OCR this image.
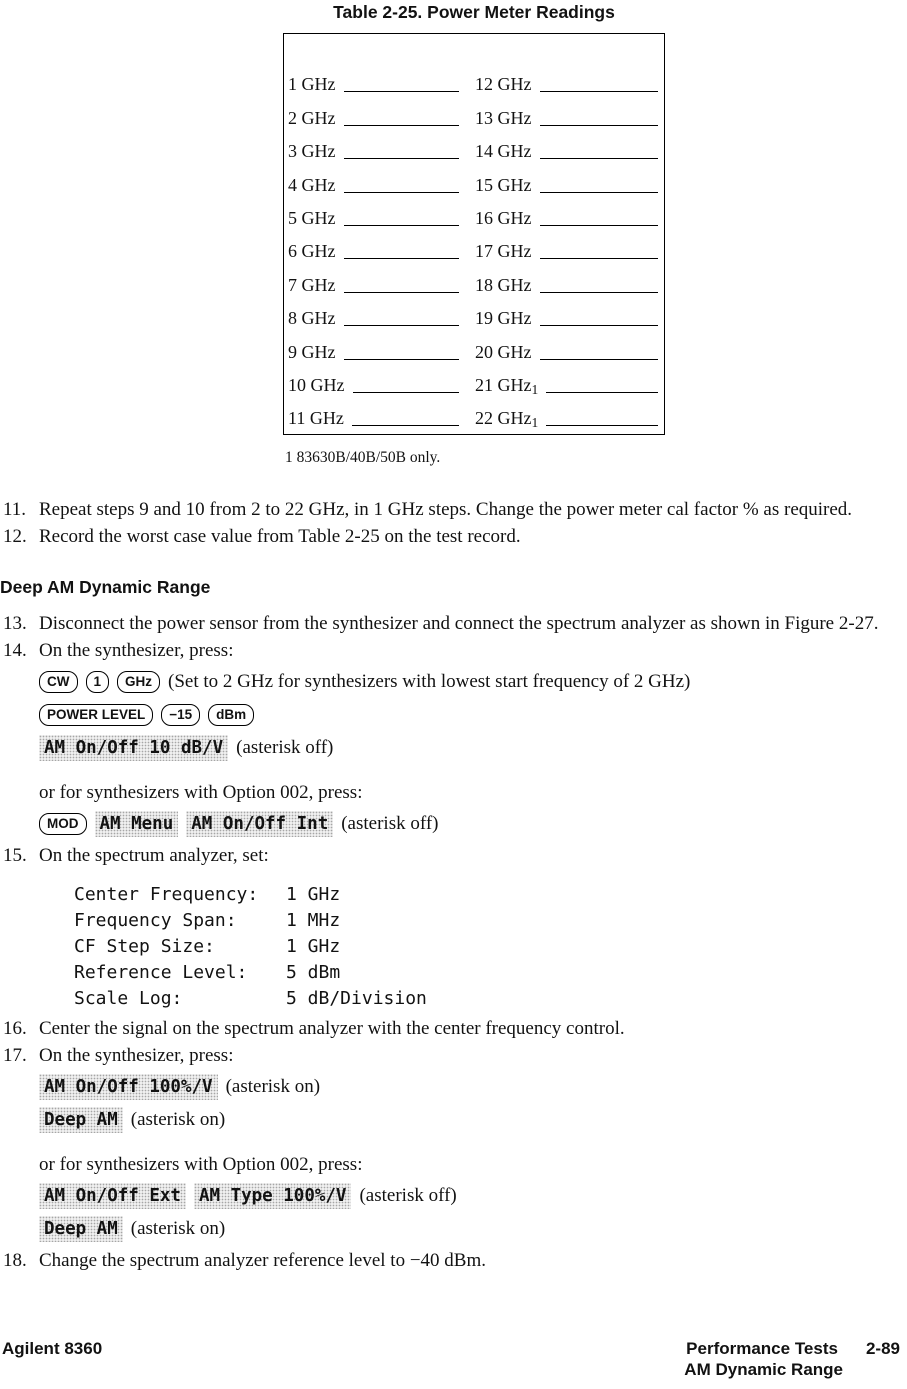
Table 2-25. Power Meter Readings
1 GHz	12 GHz
2 GHz	13 GHz
3 GHz	14 GHz
4 GHz	15 GHz
5 GHz	16 GHz
6 GHz	17 GHz
7 GHz	18 GHz
8 GHz	19 GHz
9 GHz	20 GHz
10 GHz	21 GHz$^1$
11 GHz	22 GHz$^1$
1 83630B/40B/50B only.
11. Repeat steps 9 and 10 from 2 to 22 GHz, in 1 GHz steps. Change the power meter cal factor % as required.
12. Record the worst case value from Table 2-25 on the test record.
Deep AM Dynamic Range
13. Disconnect the power sensor from the synthesizer and connect the spectrum analyzer as shown in Figure 2-27.
14. On the synthesizer, press:
CW	1	GHz (Set to 2 GHz for synthesizers with lowest start frequency of 2 GHz)
POWER LEVEL	−15	dBm
AM On/Off 10 dB/V (asterisk off)
or for synthesizers with Option 002, press:
MOD	AM Menu AM On/Off Int (asterisk off)
15. On the spectrum analyzer, set:
Center Frequency:	1 GHz
Frequency Span:	1 MHz
CF Step Size:	1 GHz
Reference Level:	5 dBm
Scale Log:	5 dB/Division
16. Center the signal on the spectrum analyzer with the center frequency control.
17. On the synthesizer, press:
AM On/Off 100%/V (asterisk on)
Deep AM (asterisk on)
or for synthesizers with Option 002, press:
AM On/Off Ext AM Type 100%/V (asterisk off)
Deep AM (asterisk on)
18. Change the spectrum analyzer reference level to −40 dBm.
Agilent 8360	Performance Tests 2-89
AM Dynamic Range
